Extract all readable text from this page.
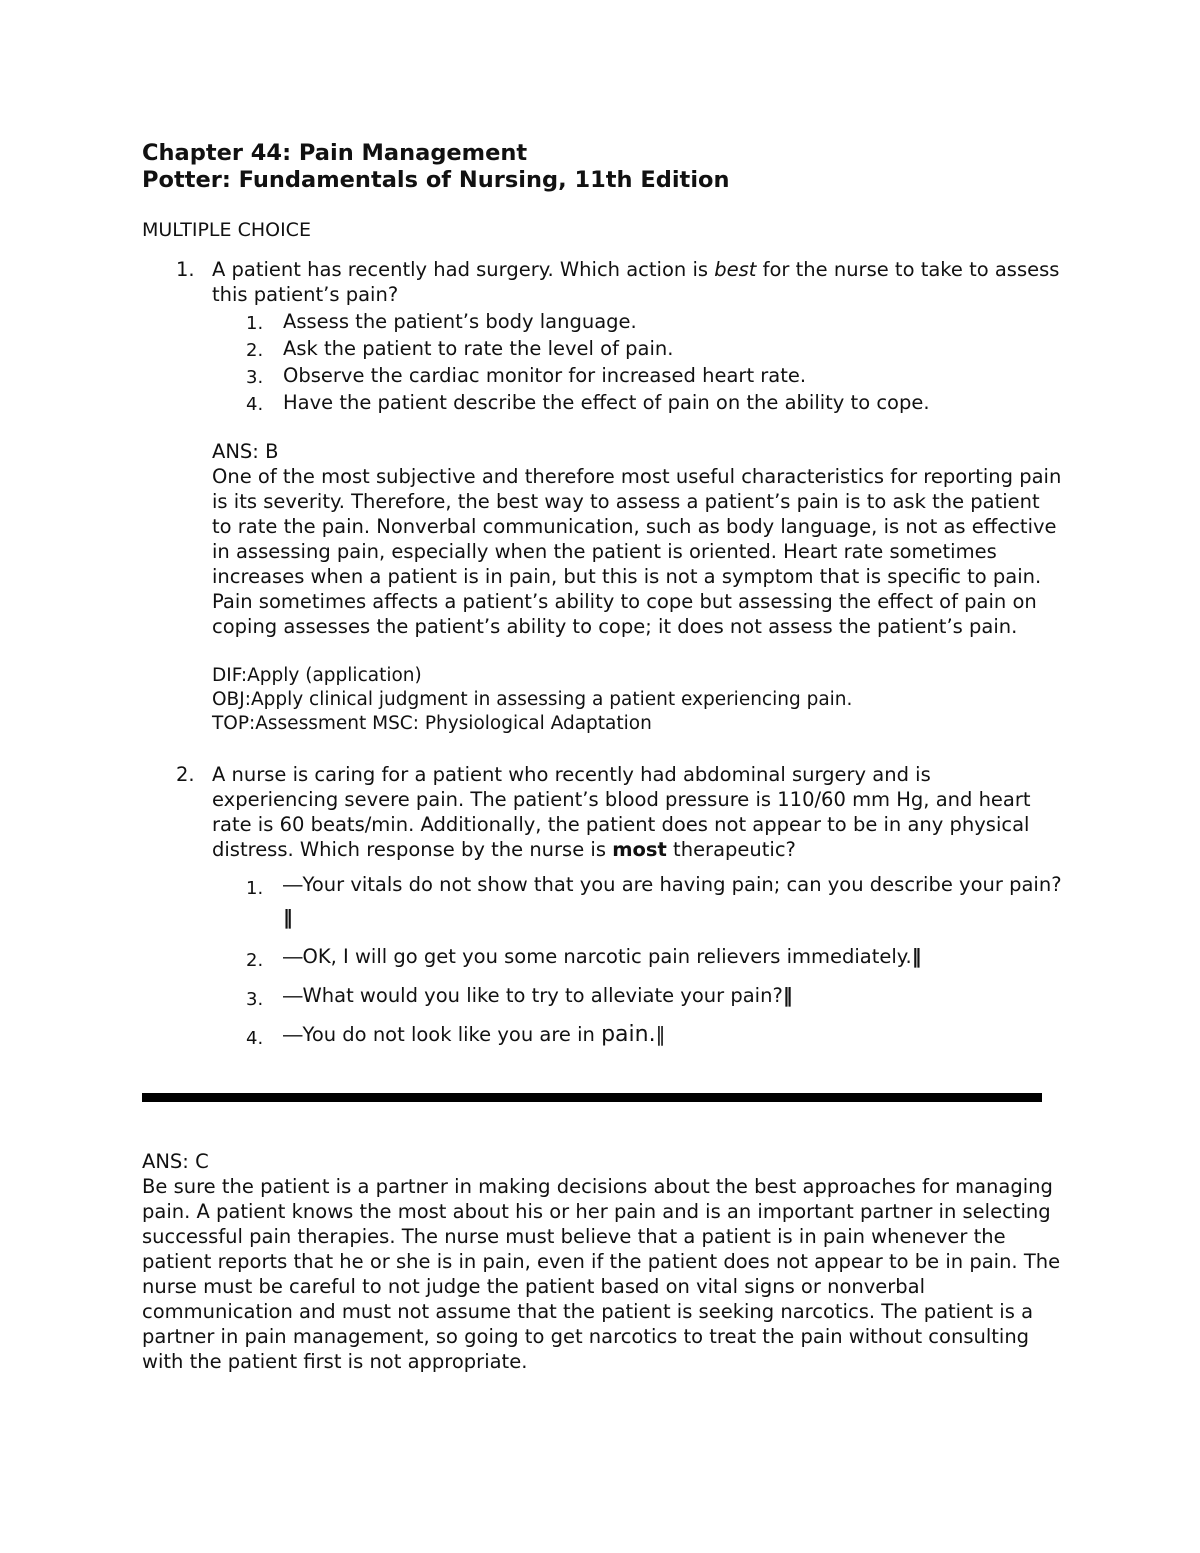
Chapter 44: Pain Management
Potter: Fundamentals of Nursing, 11th Edition
MULTIPLE CHOICE
1. A patient has recently had surgery. Which action is best for the nurse to take to assess this patient’s pain?

1. Assess the patient’s body language.
2. Ask the patient to rate the level of pain.
3. Observe the cardiac monitor for increased heart rate.
4. Have the patient describe the effect of pain on the ability to cope.
ANS: B
One of the most subjective and therefore most useful characteristics for reporting pain is its severity. Therefore, the best way to assess a patient’s pain is to ask the patient to rate the pain. Nonverbal communication, such as body language, is not as effective in assessing pain, especially when the patient is oriented. Heart rate sometimes increases when a patient is in pain, but this is not a symptom that is specific to pain. Pain sometimes affects a patient’s ability to cope but assessing the effect of pain on coping assesses the patient’s ability to cope; it does not assess the patient’s pain.
DIF:Apply (application)
OBJ:Apply clinical judgment in assessing a patient experiencing pain.
TOP:Assessment MSC: Physiological Adaptation
2. A nurse is caring for a patient who recently had abdominal surgery and is experiencing severe pain. The patient’s blood pressure is 110/60 mm Hg, and heart rate is 60 beats/min. Additionally, the patient does not appear to be in any physical distress. Which response by the nurse is most therapeutic?

1. ―Your vitals do not show that you are having pain; can you describe your pain?‖
2. ―OK, I will go get you some narcotic pain relievers immediately.‖
3. ―What would you like to try to alleviate your pain?‖
4. ―You do not look like you are in pain.‖
ANS: C
Be sure the patient is a partner in making decisions about the best approaches for managing pain. A patient knows the most about his or her pain and is an important partner in selecting successful pain therapies. The nurse must believe that a patient is in pain whenever the patient reports that he or she is in pain, even if the patient does not appear to be in pain. The nurse must be careful to not judge the patient based on vital signs or nonverbal communication and must not assume that the patient is seeking narcotics. The patient is a partner in pain management, so going to get narcotics to treat the pain without consulting with the patient first is not appropriate.
